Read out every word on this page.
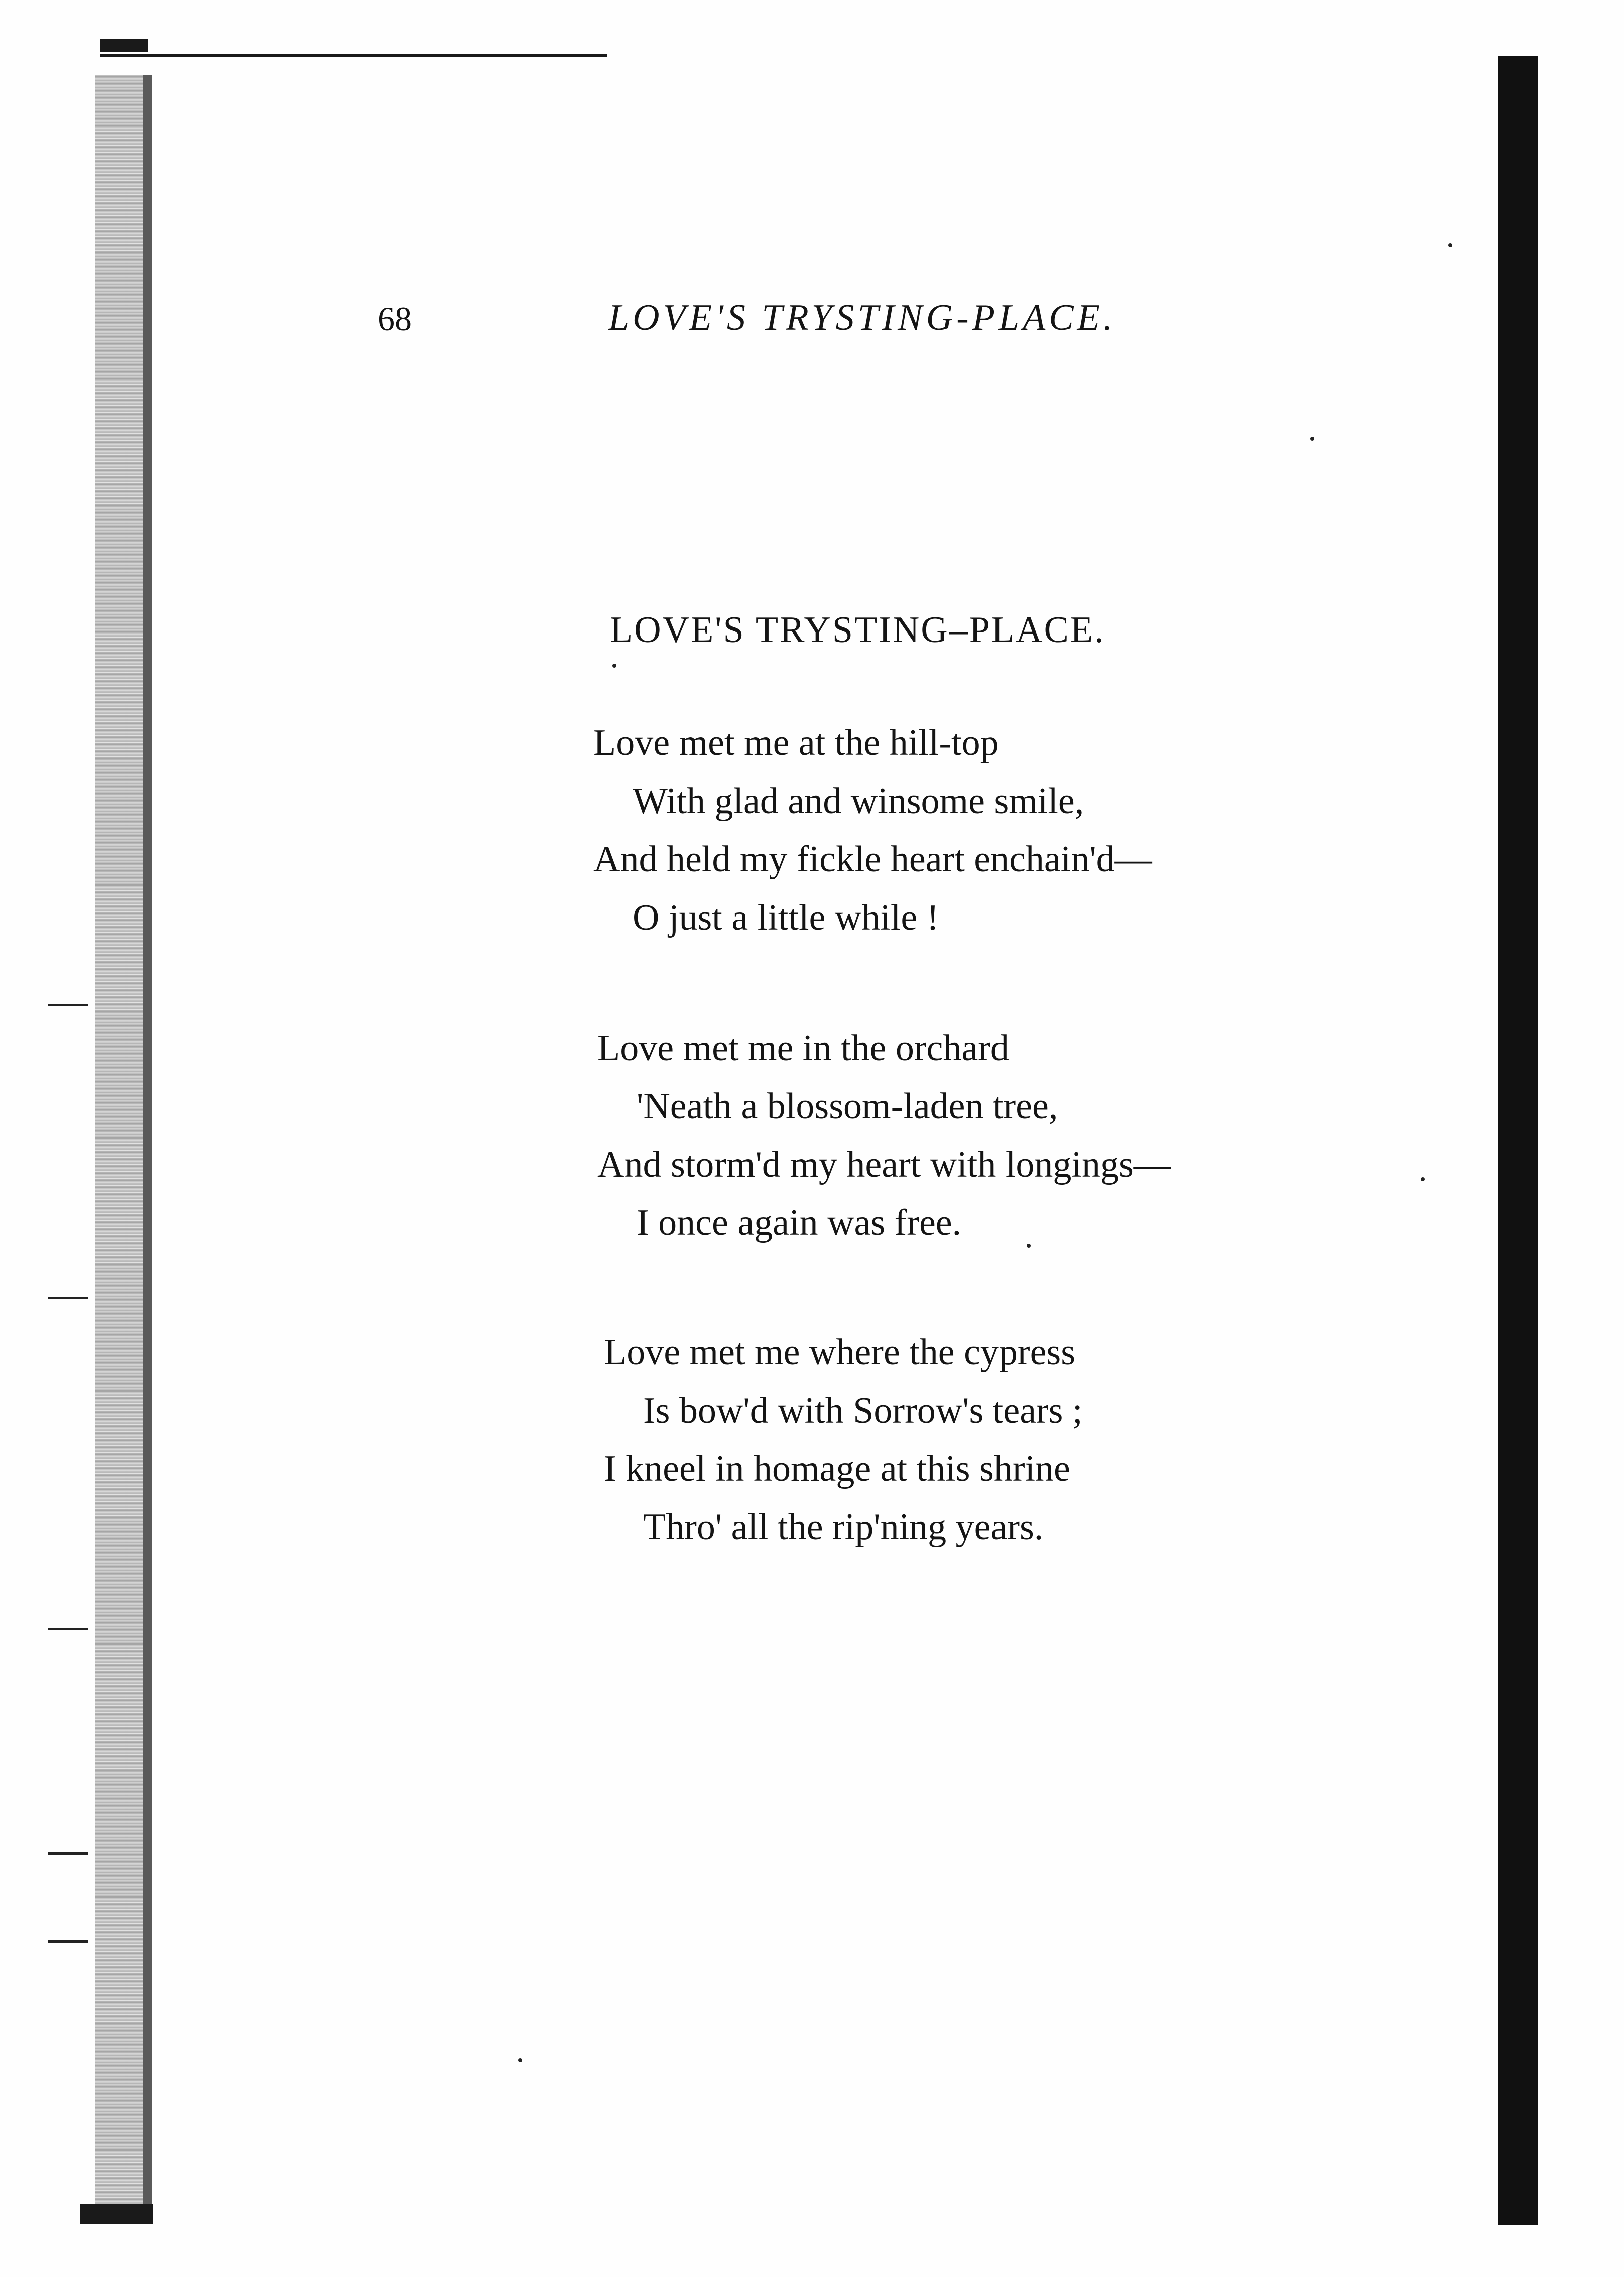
68	LOVE'S TRYSTING-PLACE.
LOVE'S TRYSTING–PLACE.
Love met me at the hill-top
With glad and winsome smile,
And held my fickle heart enchain'd—
O just a little while !
Love met me in the orchard
'Neath a blossom-laden tree,
And storm'd my heart with longings—
I once again was free.
Love met me where the cypress
Is bow'd with Sorrow's tears ;
I kneel in homage at this shrine
Thro' all the rip'ning years.
